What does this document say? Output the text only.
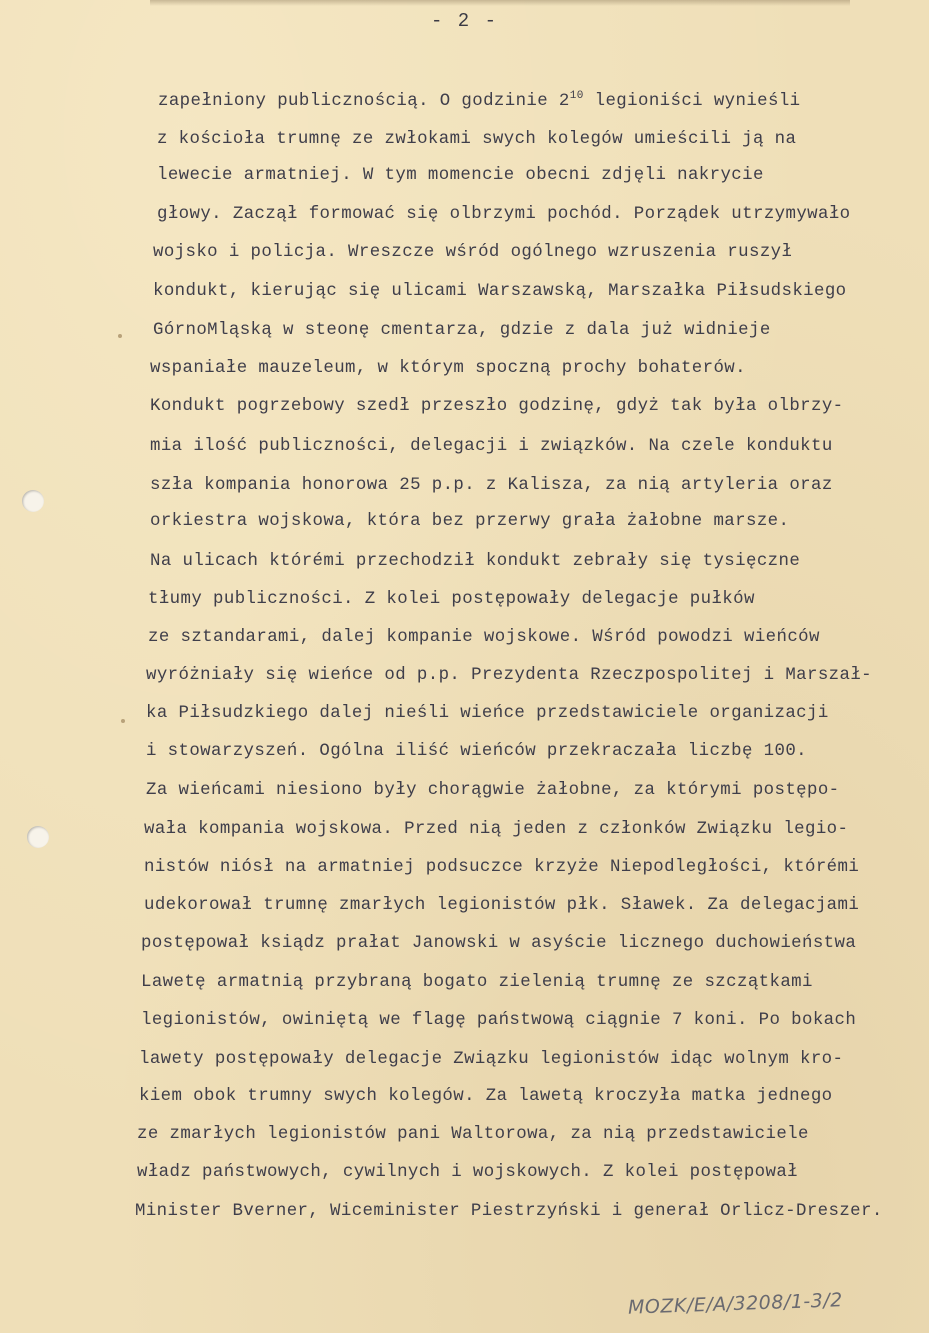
- 2 -
zapełniony publicznością. O godzinie $2^{10}$ legioniści wynieśli
z kościoła trumnę ze zwłokami swych kolegów umieścili ją na
lewecie armatniej. W tym momencie obecni zdjęli nakrycie
głowy. Zaczął formować się olbrzymi pochód. Porządek utrzymywało
wojsko i policja. Wreszcze wśród ogólnego wzruszenia ruszył
kondukt, kierując się ulicami Warszawską, Marszałka Piłsudskiego
GórnoMląską w steonę cmentarza, gdzie z dala już widnieje
wspaniałe mauzeleum, w którym spoczną prochy bohaterów.
Kondukt pogrzebowy szedł przeszło godzinę, gdyż tak była olbrzy-
mia ilość publiczności, delegacji i związków. Na czele konduktu
szła kompania honorowa 25 p.p. z Kalisza, za nią artyleria oraz
orkiestra wojskowa, która bez przerwy grała żałobne marsze.
Na ulicach którémi przechodził kondukt zebrały się tysięczne
tłumy publiczności. Z kolei postępowały delegacje pułków
ze sztandarami, dalej kompanie wojskowe. Wśród powodzi wieńców
wyróżniały się wieńce od p.p. Prezydenta Rzeczpospolitej i Marszał-
ka Piłsudzkiego dalej nieśli wieńce przedstawiciele organizacji
i stowarzyszeń. Ogólna iliść wieńców przekraczała liczbę 100.
Za wieńcami niesiono były chorągwie żałobne, za którymi postępo-
wała kompania wojskowa. Przed nią jeden z członków Związku legio-
nistów niósł na armatniej podsuczce krzyże Niepodległości, którémi
udekorował trumnę zmarłych legionistów płk. Sławek. Za delegacjami
postępował ksiądz prałat Janowski w asyście licznego duchowieństwa
Lawetę armatnią przybraną bogato zielenią trumnę ze szczątkami
legionistów, owiniętą we flagę państwową ciągnie 7 koni. Po bokach
lawety postępowały delegacje Związku legionistów idąc wolnym kro-
kiem obok trumny swych kolegów. Za lawetą kroczyła matka jednego
ze zmarłych legionistów pani Waltorowa, za nią przedstawiciele
władz państwowych, cywilnych i wojskowych. Z kolei postępował
Minister Bverner, Wiceminister Piestrzyński i generał Orlicz-Dreszer.
MOZK/E/A/3208/1-3/2
